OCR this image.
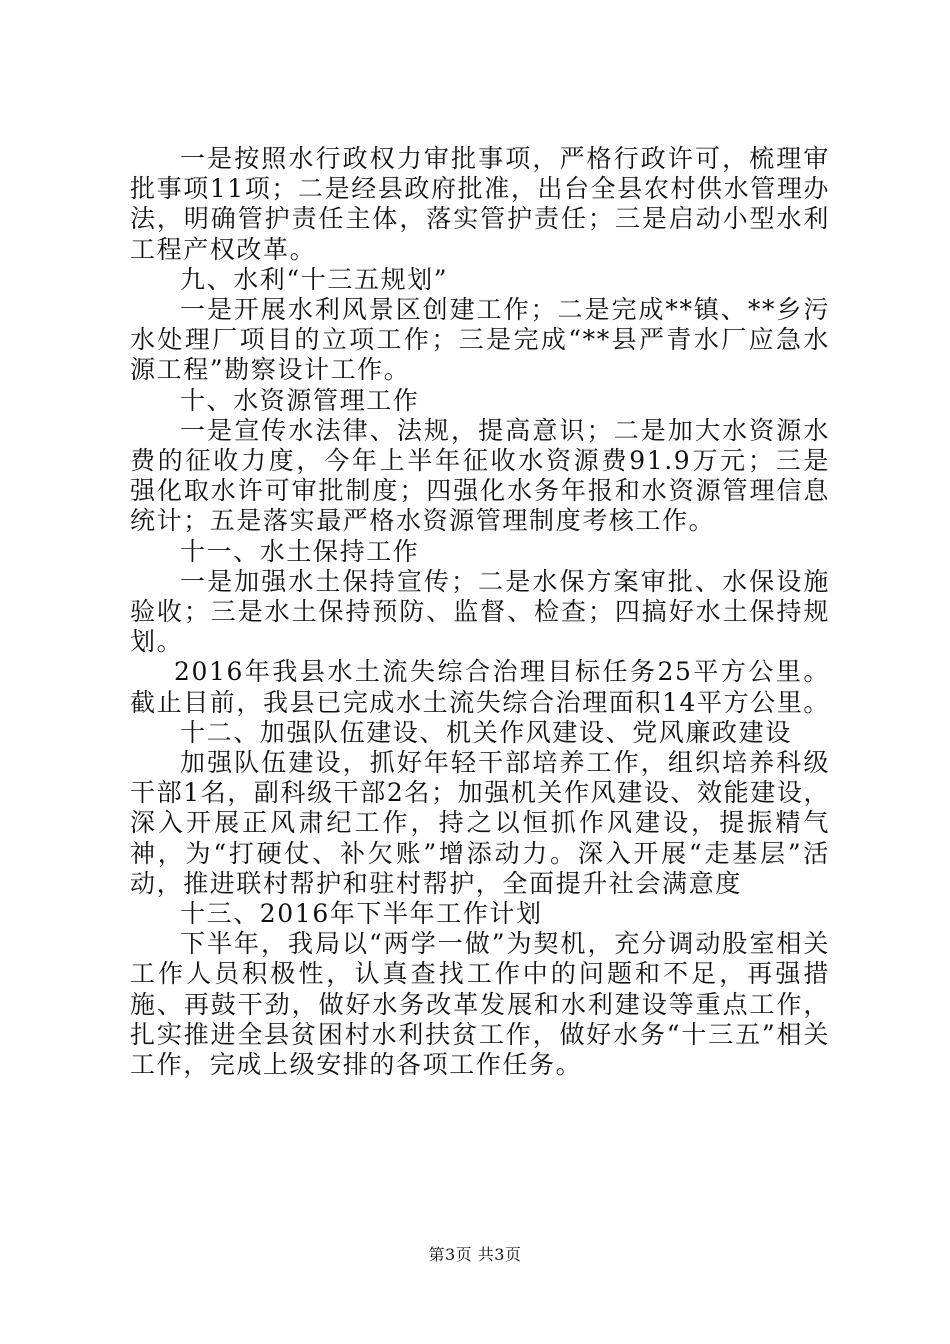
一是按照水行政权力审批事项，严格行政许可，梳理审批事项11项；二是经县政府批准，出台全县农村供水管理办法，明确管护责任主体，落实管护责任；三是启动小型水利工程产权改革。

九、水利“十三五规划”

一是开展水利风景区创建工作；二是完成**镇、**乡污水处理厂项目的立项工作；三是完成“**县严青水厂应急水源工程”勘察设计工作。

十、水资源管理工作

一是宣传水法律、法规，提高意识；二是加大水资源水费的征收力度，今年上半年征收水资源费91.9万元；三是强化取水许可审批制度；四强化水务年报和水资源管理信息统计；五是落实最严格水资源管理制度考核工作。

十一、水土保持工作

一是加强水土保持宣传；二是水保方案审批、水保设施验收；三是水土保持预防、监督、检查；四搞好水土保持规划。

2016年我县水土流失综合治理目标任务25平方公里。截止目前，我县已完成水土流失综合治理面积14平方公里。

十二、加强队伍建设、机关作风建设、党风廉政建设

加强队伍建设，抓好年轻干部培养工作，组织培养科级干部1名，副科级干部2名；加强机关作风建设、效能建设，深入开展正风肃纪工作，持之以恒抓作风建设，提振精气神，为“打硬仗、补欠账”增添动力。深入开展“走基层”活动，推进联村帮护和驻村帮护，全面提升社会满意度

十三、2016年下半年工作计划

下半年，我局以“两学一做”为契机，充分调动股室相关工作人员积极性，认真查找工作中的问题和不足，再强措施、再鼓干劲，做好水务改革发展和水利建设等重点工作，扎实推进全县贫困村水利扶贫工作，做好水务“十三五”相关工作，完成上级安排的各项工作任务。

第3页 共3页
